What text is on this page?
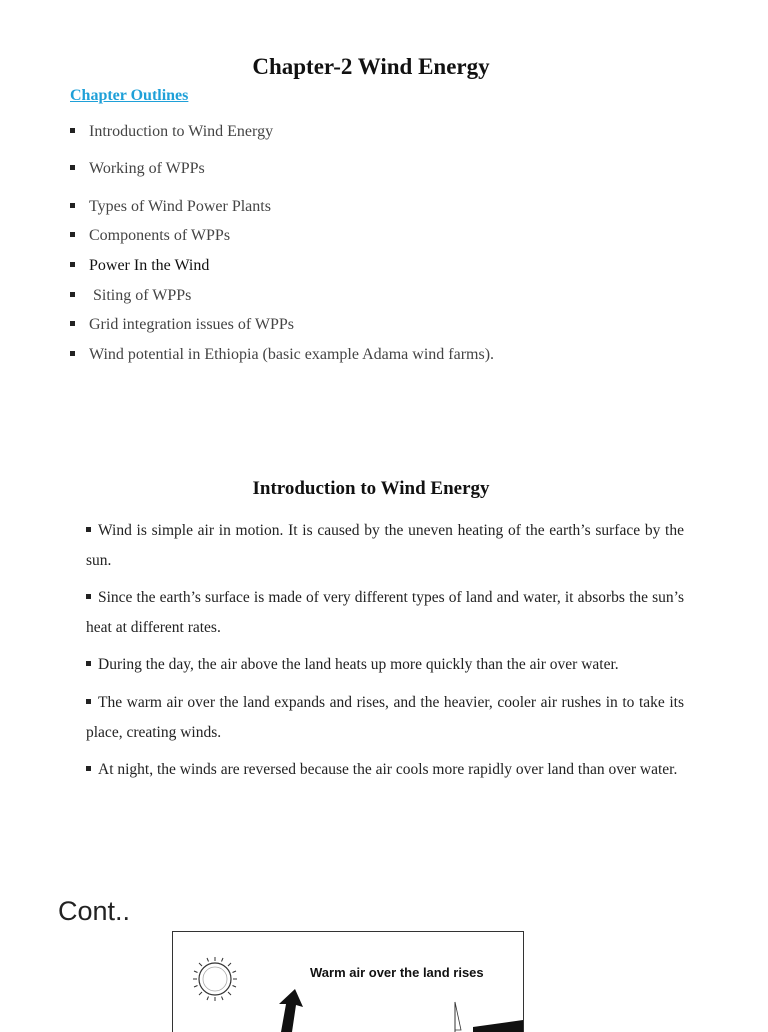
Chapter-2 Wind Energy
Chapter Outlines
Introduction to Wind Energy
Working of WPPs
Types of Wind Power Plants
Components of WPPs
Power In the Wind
Siting of WPPs
Grid integration issues of WPPs
Wind potential in Ethiopia (basic example Adama wind farms).
Introduction to Wind Energy
Wind is simple air in motion. It is caused by the uneven heating of the earth’s surface by the sun.
Since the earth’s surface is made of very different types of land and water, it absorbs the sun’s heat at different rates.
During the day, the air above the land heats up more quickly than the air over water.
The warm air over the land expands and rises, and the heavier, cooler air rushes in to take its place, creating winds.
At night, the winds are reversed because the air cools more rapidly over land than over water.
Cont..
Warm air over the land rises
